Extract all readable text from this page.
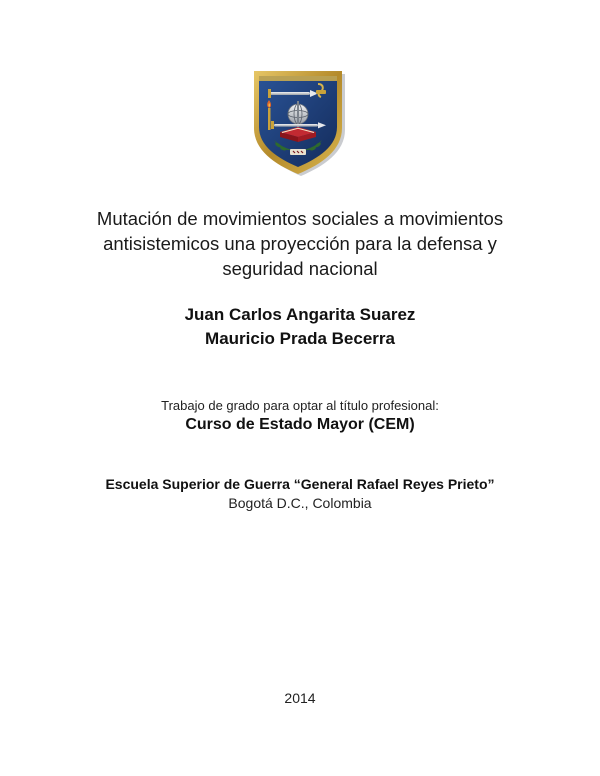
Mutación de movimientos sociales a movimientos
antisistemicos una proyección para la defensa y
seguridad nacional
Juan Carlos Angarita Suarez
Mauricio Prada Becerra
Trabajo de grado para optar al título profesional:
Curso de Estado Mayor (CEM)
Escuela Superior de Guerra “General Rafael Reyes Prieto”
Bogotá D.C., Colombia
2014
